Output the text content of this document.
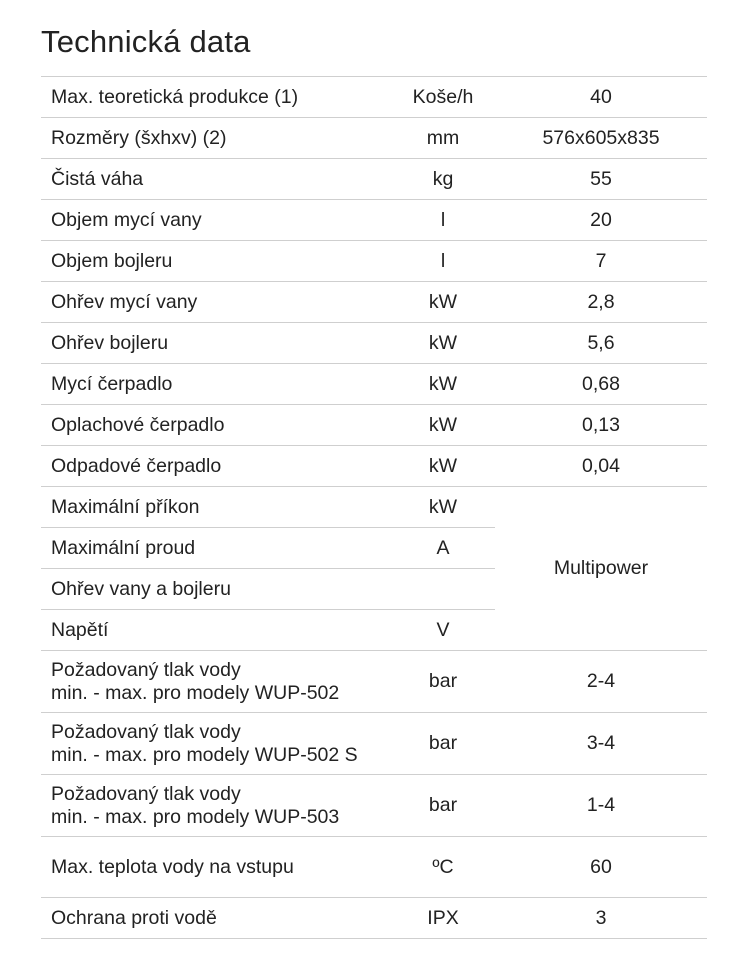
Technická data
Max. teoretická produkce (1)	Koše/h	40
Rozměry (šxhxv) (2)	mm	576x605x835
Čistá váha	kg	55
Objem mycí vany	l	20
Objem bojleru	l	7
Ohřev mycí vany	kW	2,8
Ohřev bojleru	kW	5,6
Mycí čerpadlo	kW	0,68
Oplachové čerpadlo	kW	0,13
Odpadové čerpadlo	kW	0,04
Maximální příkon	kW	Multipower
Maximální proud	A	
Ohřev vany a bojleru		
Napětí	V	

Požadovaný tlak vody
min. - max. pro modely WUP-502	bar	2-4

Požadovaný tlak vody
min. - max. pro modely WUP-502 S	bar	3-4

Požadovaný tlak vody
min. - max. pro modely WUP-503	bar	1-4
Max. teplota vody na vstupu	ºC	60
Ochrana proti vodě	IPX	3
